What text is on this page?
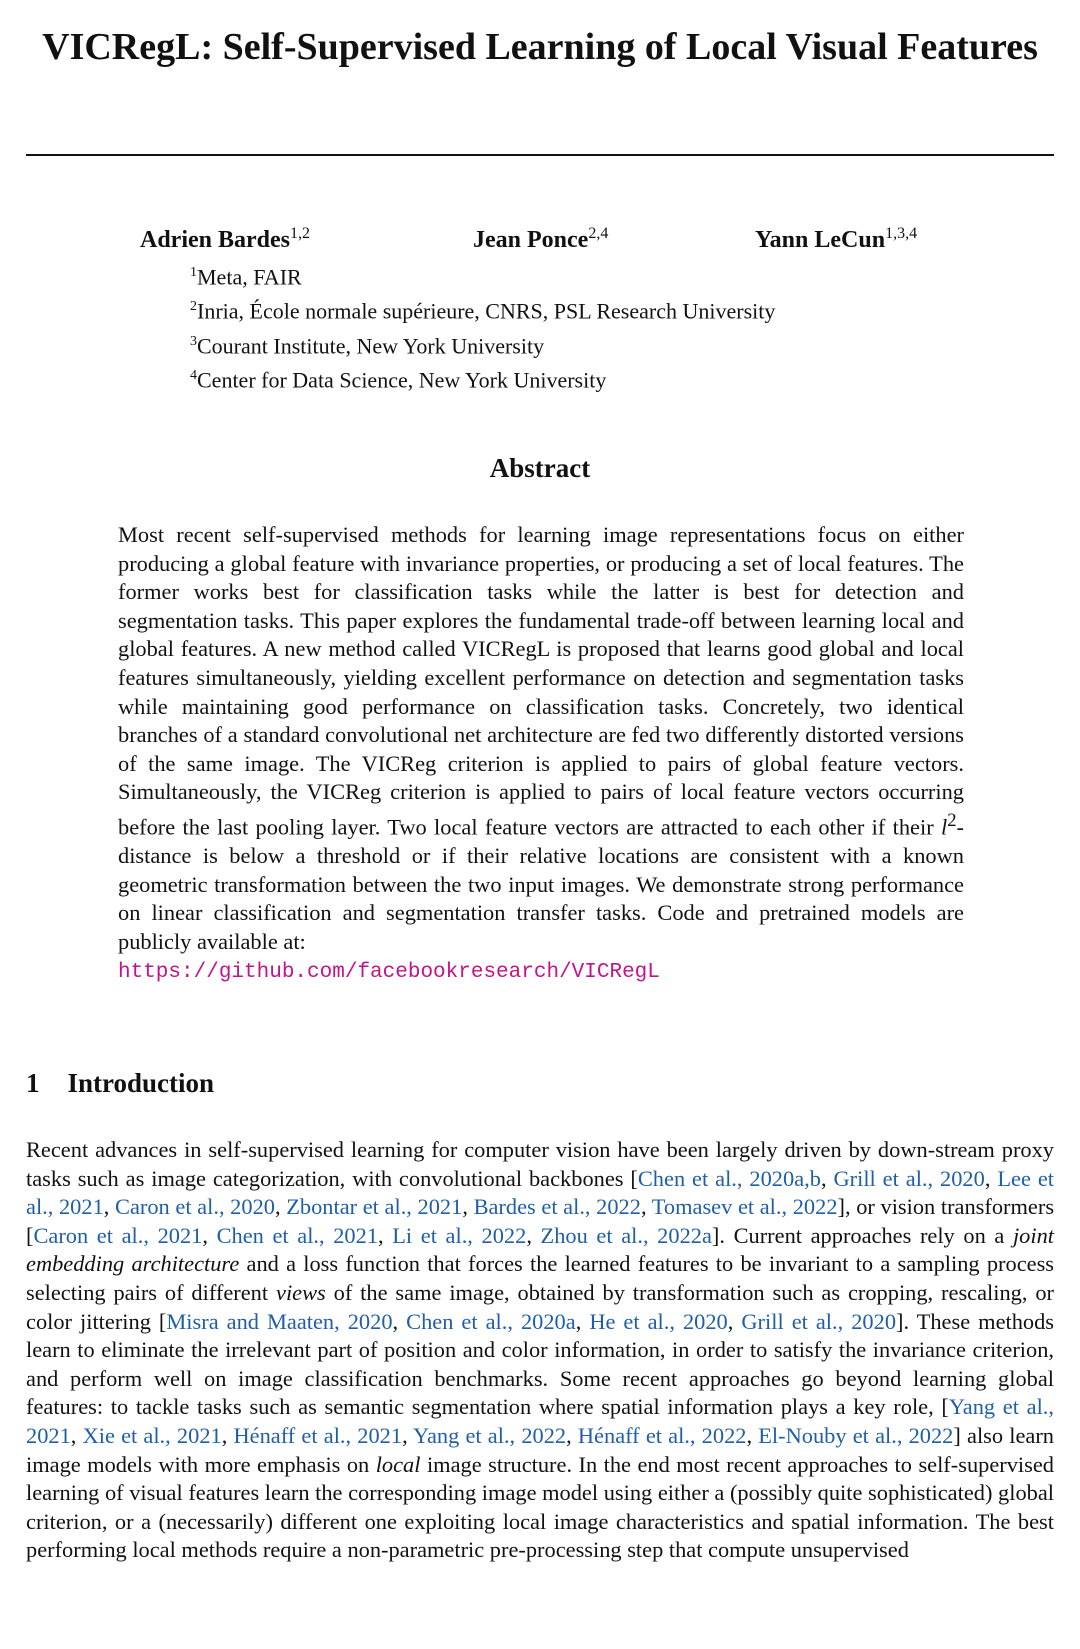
VICRegL: Self-Supervised Learning of Local Visual Features
Adrien Bardes$^{1,2}$	Jean Ponce$^{2,4}$	Yann LeCun$^{1,3,4}$
$^1$Meta, FAIR
$^2$Inria, École normale supérieure, CNRS, PSL Research University
$^3$Courant Institute, New York University
$^4$Center for Data Science, New York University
Abstract
Most recent self-supervised methods for learning image representations focus on either producing a global feature with invariance properties, or producing a set of local features. The former works best for classification tasks while the latter is best for detection and segmentation tasks. This paper explores the fundamental trade-off between learning local and global features. A new method called VICRegL is proposed that learns good global and local features simultaneously, yielding excellent performance on detection and segmentation tasks while maintaining good performance on classification tasks. Concretely, two identical branches of a standard convolutional net architecture are fed two differently distorted versions of the same image. The VICReg criterion is applied to pairs of global feature vectors. Simultaneously, the VICReg criterion is applied to pairs of local feature vectors occurring before the last pooling layer. Two local feature vectors are attracted to each other if their $l^2$-distance is below a threshold or if their relative locations are consistent with a known geometric transformation between the two input images. We demonstrate strong performance on linear classification and segmentation transfer tasks. Code and pretrained models are publicly available at:
https://github.com/facebookresearch/VICRegL
1 Introduction
Recent advances in self-supervised learning for computer vision have been largely driven by down-stream proxy tasks such as image categorization, with convolutional backbones [Chen et al., 2020a,b, Grill et al., 2020, Lee et al., 2021, Caron et al., 2020, Zbontar et al., 2021, Bardes et al., 2022, Tomasev et al., 2022], or vision transformers [Caron et al., 2021, Chen et al., 2021, Li et al., 2022, Zhou et al., 2022a]. Current approaches rely on a joint embedding architecture and a loss function that forces the learned features to be invariant to a sampling process selecting pairs of different views of the same image, obtained by transformation such as cropping, rescaling, or color jittering [Misra and Maaten, 2020, Chen et al., 2020a, He et al., 2020, Grill et al., 2020]. These methods learn to eliminate the irrelevant part of position and color information, in order to satisfy the invariance criterion, and perform well on image classification benchmarks. Some recent approaches go beyond learning global features: to tackle tasks such as semantic segmentation where spatial information plays a key role, [Yang et al., 2021, Xie et al., 2021, Hénaff et al., 2021, Yang et al., 2022, Hénaff et al., 2022, El-Nouby et al., 2022] also learn image models with more emphasis on local image structure. In the end most recent approaches to self-supervised learning of visual features learn the corresponding image model using either a (possibly quite sophisticated) global criterion, or a (necessarily) different one exploiting local image characteristics and spatial information. The best performing local methods require a non-parametric pre-processing step that compute unsupervised
